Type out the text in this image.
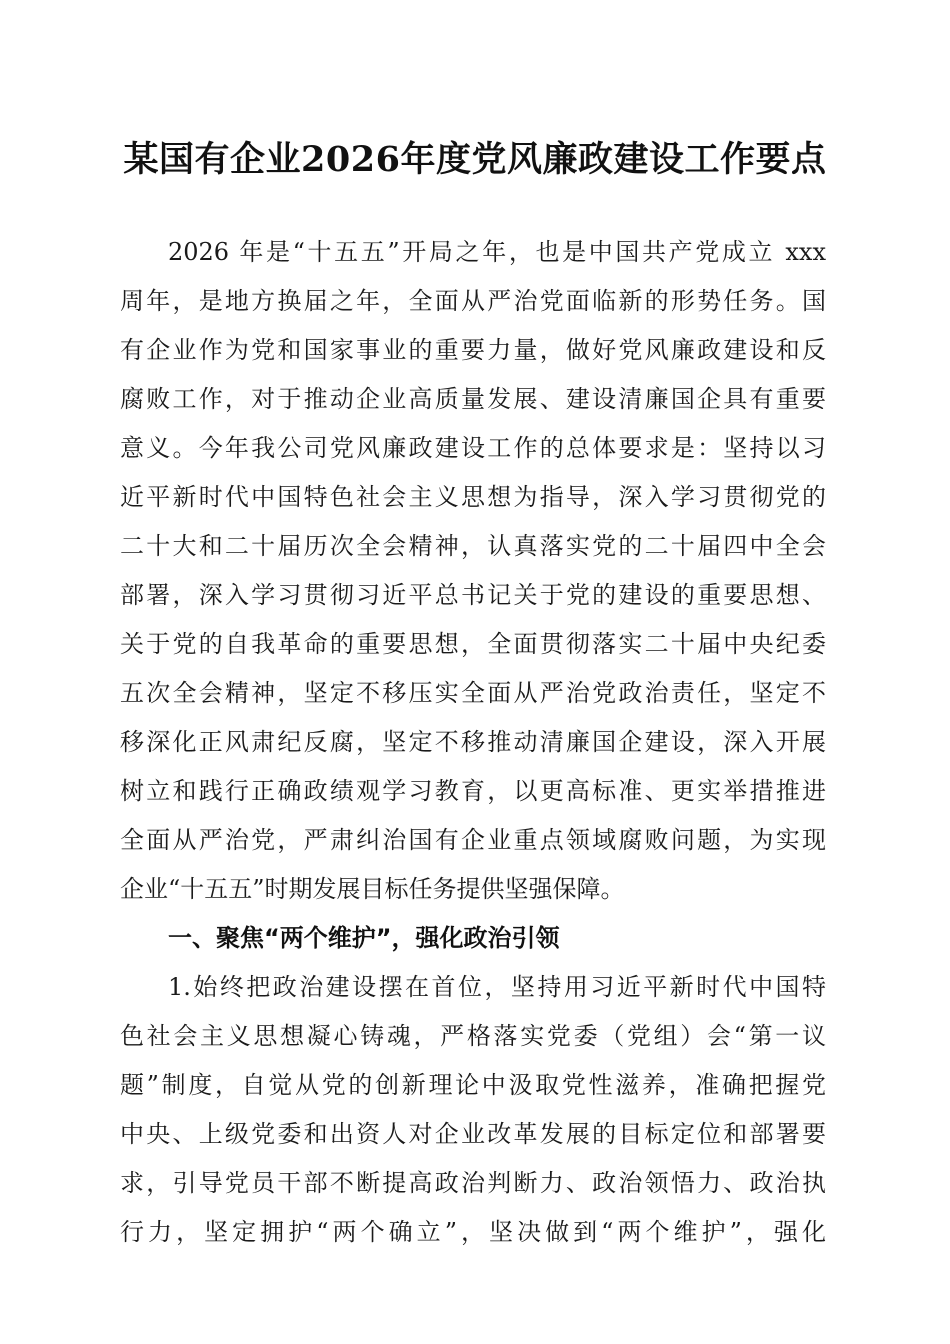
某国有企业2026年度党风廉政建设工作要点
2026 年是“十五五”开局之年，也是中国共产党成立 xxx
周年，是地方换届之年，全面从严治党面临新的形势任务。国
有企业作为党和国家事业的重要力量，做好党风廉政建设和反
腐败工作，对于推动企业高质量发展、建设清廉国企具有重要
意义。今年我公司党风廉政建设工作的总体要求是：坚持以习
近平新时代中国特色社会主义思想为指导，深入学习贯彻党的
二十大和二十届历次全会精神，认真落实党的二十届四中全会
部署，深入学习贯彻习近平总书记关于党的建设的重要思想、
关于党的自我革命的重要思想，全面贯彻落实二十届中央纪委
五次全会精神，坚定不移压实全面从严治党政治责任，坚定不
移深化正风肃纪反腐，坚定不移推动清廉国企建设，深入开展
树立和践行正确政绩观学习教育，以更高标准、更实举措推进
全面从严治党，严肃纠治国有企业重点领域腐败问题，为实现
企业“十五五”时期发展目标任务提供坚强保障。
一、聚焦“两个维护”，强化政治引领
1.始终把政治建设摆在首位，坚持用习近平新时代中国特
色社会主义思想凝心铸魂，严格落实党委（党组）会“第一议
题”制度，自觉从党的创新理论中汲取党性滋养，准确把握党
中央、上级党委和出资人对企业改革发展的目标定位和部署要
求，引导党员干部不断提高政治判断力、政治领悟力、政治执
行力，坚定拥护“两个确立”，坚决做到“两个维护”，强化
